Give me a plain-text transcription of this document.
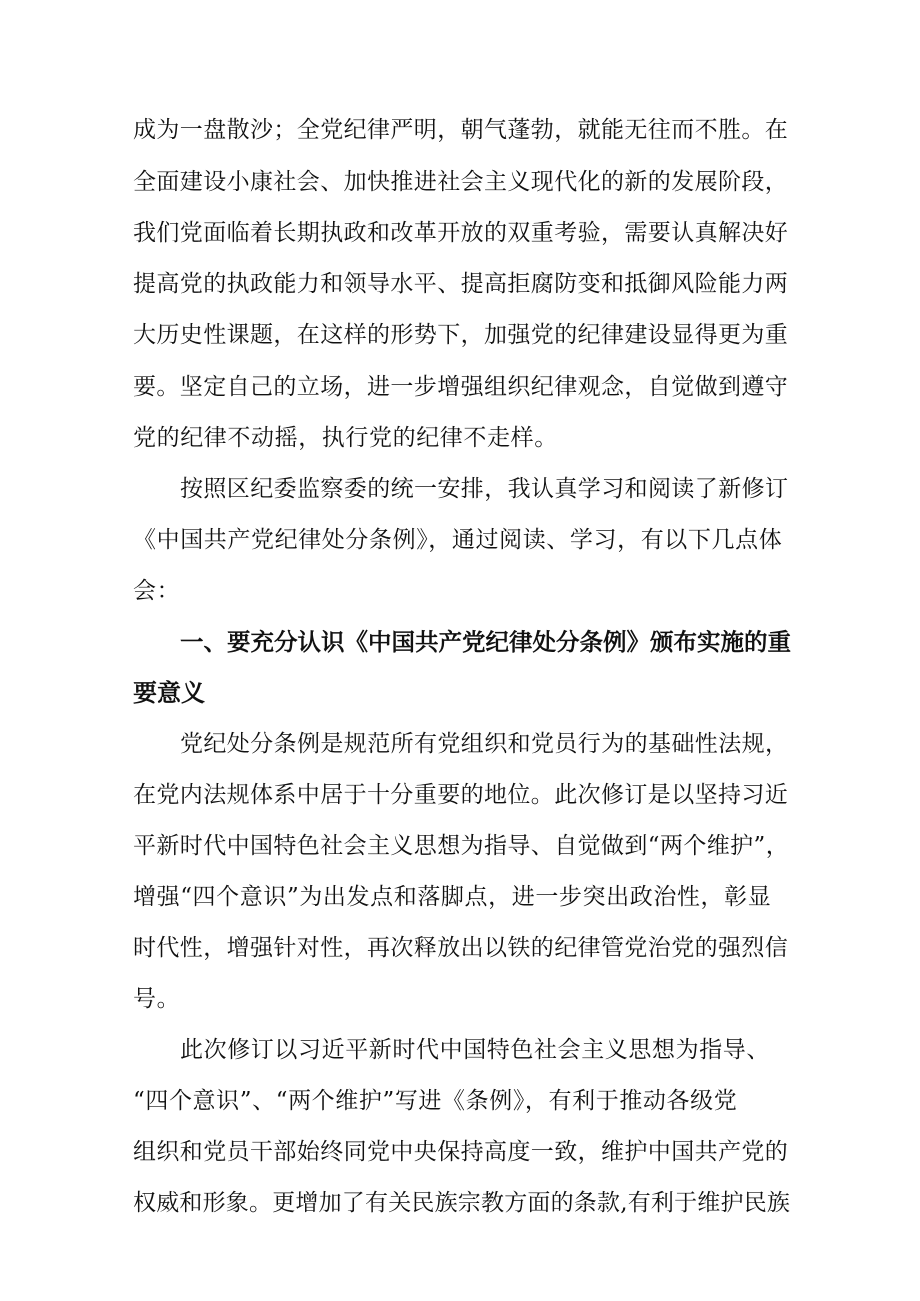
成为一盘散沙；全党纪律严明，朝气蓬勃，就能无往而不胜。在
全面建设小康社会、加快推进社会主义现代化的新的发展阶段，
我们党面临着长期执政和改革开放的双重考验，需要认真解决好
提高党的执政能力和领导水平、提高拒腐防变和抵御风险能力两
大历史性课题，在这样的形势下，加强党的纪律建设显得更为重
要。坚定自己的立场，进一步增强组织纪律观念，自觉做到遵守
党的纪律不动摇，执行党的纪律不走样。
按照区纪委监察委的统一安排，我认真学习和阅读了新修订
《中国共产党纪律处分条例》，通过阅读、学习，有以下几点体
会：
一、要充分认识《中国共产党纪律处分条例》颁布实施的重
要意义
党纪处分条例是规范所有党组织和党员行为的基础性法规，
在党内法规体系中居于十分重要的地位。此次修订是以坚持习近
平新时代中国特色社会主义思想为指导、自觉做到“两个维护”，
增强“四个意识”为出发点和落脚点，进一步突出政治性，彰显
时代性，增强针对性，再次释放出以铁的纪律管党治党的强烈信
号。
此次修订以习近平新时代中国特色社会主义思想为指导、
“四个意识”、“两个维护”写进《条例》，有利于推动各级党
组织和党员干部始终同党中央保持高度一致，维护中国共产党的
权威和形象。更增加了有关民族宗教方面的条款,有利于维护民族
